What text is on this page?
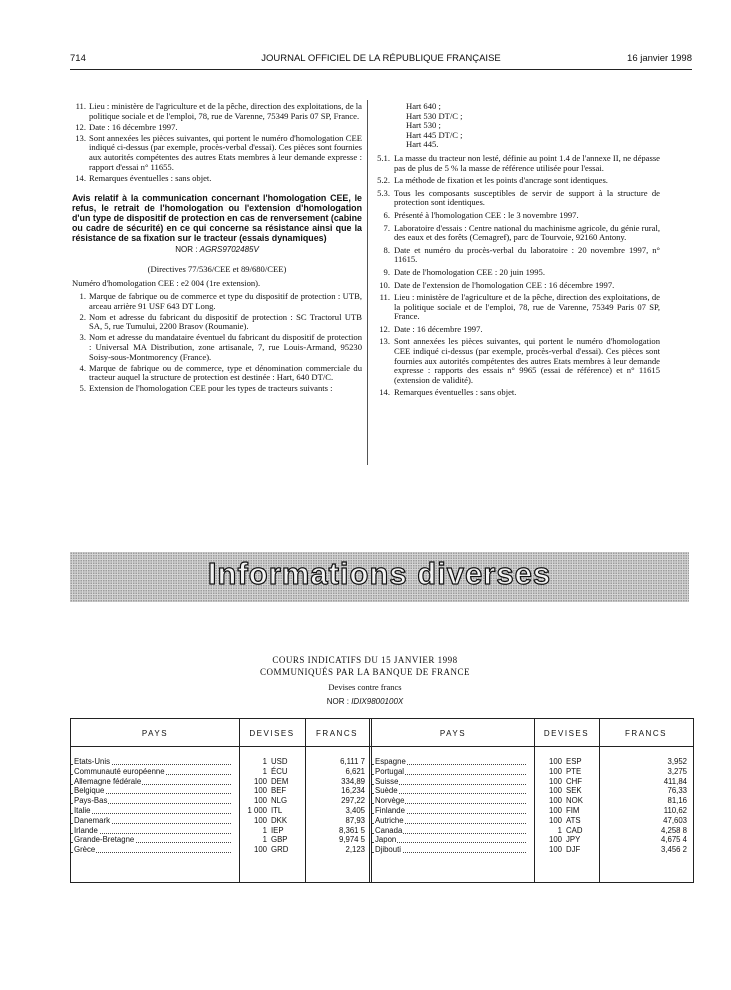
714	JOURNAL OFFICIEL DE LA RÉPUBLIQUE FRANÇAISE	16 janvier 1998
11. Lieu : ministère de l'agriculture et de la pêche, direction des exploitations, de la politique sociale et de l'emploi, 78, rue de Varenne, 75349 Paris 07 SP, France.
12. Date : 16 décembre 1997.
13. Sont annexées les pièces suivantes, qui portent le numéro d'homologation CEE indiqué ci-dessus (par exemple, procès-verbal d'essai). Ces pièces sont fournies aux autorités compétentes des autres Etats membres à leur demande expresse : rapport d'essai n° 11655.
14. Remarques éventuelles : sans objet.
Avis relatif à la communication concernant l'homologation CEE, le refus, le retrait de l'homologation ou l'extension d'homologation d'un type de dispositif de protection en cas de renversement (cabine ou cadre de sécurité) en ce qui concerne sa résistance ainsi que la résistance de sa fixation sur le tracteur (essais dynamiques)
NOR : AGRS9702485V
(Directives 77/536/CEE et 89/680/CEE)
Numéro d'homologation CEE : e2 004 (1re extension).
1. Marque de fabrique ou de commerce et type du dispositif de protection : UTB, arceau arrière 91 USF 643 DT Long.
2. Nom et adresse du fabricant du dispositif de protection : SC Tractorul UTB SA, 5, rue Tumului, 2200 Brasov (Roumanie).
3. Nom et adresse du mandataire éventuel du fabricant du dispositif de protection : Universal MA Distribution, zone artisanale, 7, rue Louis-Armand, 95230 Soisy-sous-Montmorency (France).
4. Marque de fabrique ou de commerce, type et dénomination commerciale du tracteur auquel la structure de protection est destinée : Hart, 640 DT/C.
5. Extension de l'homologation CEE pour les types de tracteurs suivants :
Hart 640 ;
Hart 530 DT/C ;
Hart 530 ;
Hart 445 DT/C ;
Hart 445.
5.1. La masse du tracteur non lesté, définie au point 1.4 de l'annexe II, ne dépasse pas de plus de 5 % la masse de référence utilisée pour l'essai.
5.2. La méthode de fixation et les points d'ancrage sont identiques.
5.3. Tous les composants susceptibles de servir de support à la structure de protection sont identiques.
6. Présenté à l'homologation CEE : le 3 novembre 1997.
7. Laboratoire d'essais : Centre national du machinisme agricole, du génie rural, des eaux et des forêts (Cemagref), parc de Tourvoie, 92160 Antony.
8. Date et numéro du procès-verbal du laboratoire : 20 novembre 1997, n° 11615.
9. Date de l'homologation CEE : 20 juin 1995.
10. Date de l'extension de l'homologation CEE : 16 décembre 1997.
11. Lieu : ministère de l'agriculture et de la pêche, direction des exploitations, de la politique sociale et de l'emploi, 78, rue de Varenne, 75349 Paris 07 SP, France.
12. Date : 16 décembre 1997.
13. Sont annexées les pièces suivantes, qui portent le numéro d'homologation CEE indiqué ci-dessus (par exemple, procès-verbal d'essai). Ces pièces sont fournies aux autorités compétentes des autres Etats membres à leur demande expresse : rapports des essais n° 9965 (essai de référence) et n° 11615 (extension de validité).
14. Remarques éventuelles : sans objet.
Informations diverses
COURS INDICATIFS DU 15 JANVIER 1998
COMMUNIQUÉS PAR LA BANQUE DE FRANCE
Devises contre francs
NOR : IDIX9800100X
PAYS	DEVISES	FRANCS	PAYS	DEVISES	FRANCS
Etats-Unis	1 USD	6,111 7
Communauté européenne	1 ÉCU	6,621
Allemagne fédérale	100 DEM	334,89
Belgique	100 BEF	16,234
Pays-Bas	100 NLG	297,22
Italie	1 000 ITL	3,405
Danemark	100 DKK	87,93
Irlande	1 IEP	8,361 5
Grande-Bretagne	1 GBP	9,974 5
Grèce	100 GRD	2,123
Espagne	100 ESP	3,952
Portugal	100 PTE	3,275
Suisse	100 CHF	411,84
Suède	100 SEK	76,33
Norvège	100 NOK	81,16
Finlande	100 FIM	110,62
Autriche	100 ATS	47,603
Canada	1 CAD	4,258 8
Japon	100 JPY	4,675 4
Djibouti	100 DJF	3,456 2
